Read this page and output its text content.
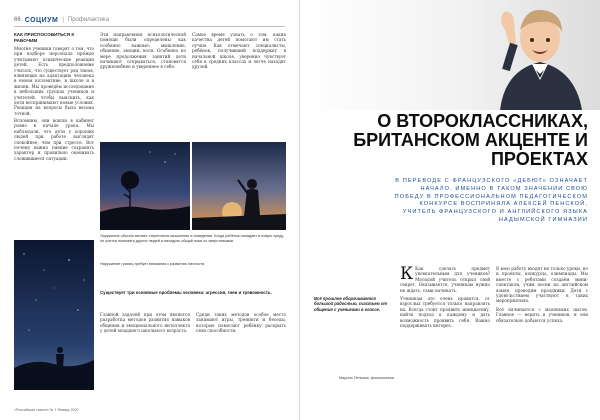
66 СОЦИУМ | Профилактика
КАК ПРИСПОСОБИТЬСЯ К РАБОЧИМ
Многие ученики говорят о том, что при подборе персонала прежде учитывают психические реакции детей. Есть предположение считать, что существует ряд типов, влияющих на адаптацию человека в новом коллективе, в школе и в жизни. Мы проведём исследование в небольших группах учеников и учителей, чтобы выяснить, как дети воспринимают новые условия. Реакция на вопросы была весьма точной.
Вспомним, они вошли в кабинет ровно в начале урока. Мы наблюдали, что дети у хороших людей при работе выглядят спокойнее, чем при стрессе. Вот почему важно умение сохранять характер и правильно оценивать сложившиеся ситуации.
Эти направления психологической помощи были определены как особенно важные: мышление, общение, эмоции, воля. Особенно по мере продолжения занятий дети начинают открываться, становятся дружелюбнее и увереннее в себе.
Самое время узнать о том, какие качества детей помогают им стать лучше. Как отмечают специалисты, ребёнок, получивший поддержку в начальной школе, уверенно чувствует себя в средних классах и легче находит друзей.
Окружение обычно меняет стереотипы мышления и поведения. Когда ребёнок попадает в новую среду, он учится понимать других людей и находить общий язык со сверстниками.
Нарушение границ требует внимания к развитию личности.
Существует три основные проблемы человека: агрессия, гнев и тревожность.
Главной задачей при этом является разработка методов развития навыков общения и эмоционального интеллекта у детей младшего школьного возраста.
Среди таких методов особое место занимают игры, тренинги и беседы, которые помогают ребёнку раскрыть свои способности.
«Российская газета» № 1 Январь 2020
О ВТОРОКЛАССНИКАХ, БРИТАНСКОМ АКЦЕНТЕ И ПРОЕКТАХ
В ПЕРЕВОДЕ С ФРАНЦУЗСКОГО «ДЕБЮТ» ОЗНАЧАЕТ НАЧАЛО. ИМЕННО В ТАКОМ ЗНАЧЕНИИ СВОЮ ПОБЕДУ В ПРОФЕССИОНАЛЬНОМ ПЕДАГОГИЧЕСКОМ КОНКУРСЕ ВОСПРИНЯЛА АЛЕКСЕЙ ПЕНСКОЙ, УЧИТЕЛЬ ФРАНЦУЗСКОГО И АНГЛИЙСКОГО ЯЗЫКА НАДЫМСКОЙ ГИМНАЗИИ
Всё прошлое оборачивается большой радостью, счастьем от общения с учениками в классе.
Марина Пенская, фотоколлаж
К Как сделать предмет увлекательным для учеников? Молодой учитель открыл свой секрет. Оказывается, ученикам нужно не ждать, сами начинать.
Ученикам это очень нравится, от взрослых требуется только направлять их. Всегда стоит проявить инициативу, найти подход к каждому и дать возможность проявить себя. Важно поддерживать интерес.
В мою работу входят не только уроки, но и проекты, конкурсы, олимпиады. Мы вместе с ребятами создаём мини-спектакли, учим песни на английском языке, проводим праздники. Дети с удовольствием участвуют в таких мероприятиях.
Всё начинается с маленьких шагов. Главное — верить в учеников, и они обязательно добьются успеха.
